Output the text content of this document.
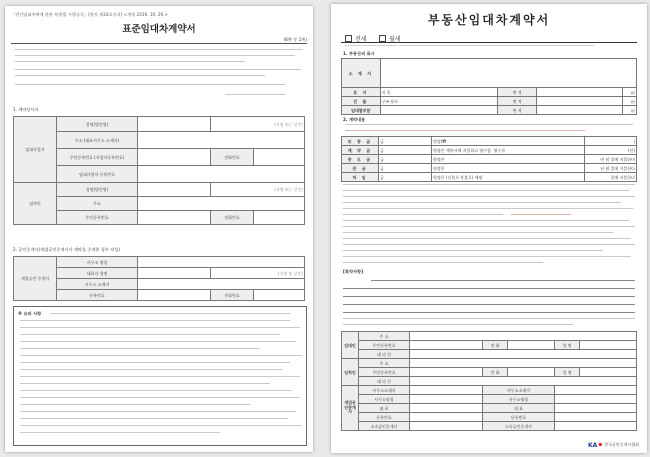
「민간임대주택에 관한 특별법 시행규칙」[별지 제24호서식] <개정 2019. 10. 29.>
표준임대차계약서
(6쪽 중 1쪽)
1. 계약당사자
임대사업자	성명(법인명)		(서명 또는 날인)	
	주소 (대표사무소 소재지)			
	주민등록번호 (사업자등록번호)		전화번호	
	임대사업자 등록번호			
임차인	성명(법인명)		(서명 또는 날인)	
	주소			
	주민등록번호		전화번호	
2. 공인중개사(개업공인중개사가 계약을 중개한 경우 작성)
개업공인 중개사	사무소 명칭			
	대표자 성명		(서명 및 날인)	
	사무소 소재지			
	등록번호		전화번호	
※ 유의 사항
부동산임대차계약서
전세	월세
1. 부동산의 표시
소 재 지				
토 지	지 목	면 적		㎡
건 물	구조·용도	면 적		㎡
임대할부분		면 적		㎡
2. 계약내용
보 증 금	금	원정(₩	)
계 약 금	금	원정은 계약시에 지불하고 영수함. 영수자	(인)
중 도 금	금	원정은	년 월 일에 지불하며
잔 금	금	원정은	년 월 일에 지불한다
차 임	금	원정은 (선불로·후불로) 매월	일에 지불한다
[특약사항]
임대인	주 소					
	주민등록번호		전 화		성 명	
	대 리 인					
임차인	주 소					
	주민등록번호		전 화		성 명	
	대 리 인					
개업공인중개사	사무소소재지		사무소소재지			
	사무소명칭		사무소명칭			
	대 표		대 표			
	등록번호		등록번호			
	소속공인중개사		소속공인중개사			
KA 한국공인중개사협회
